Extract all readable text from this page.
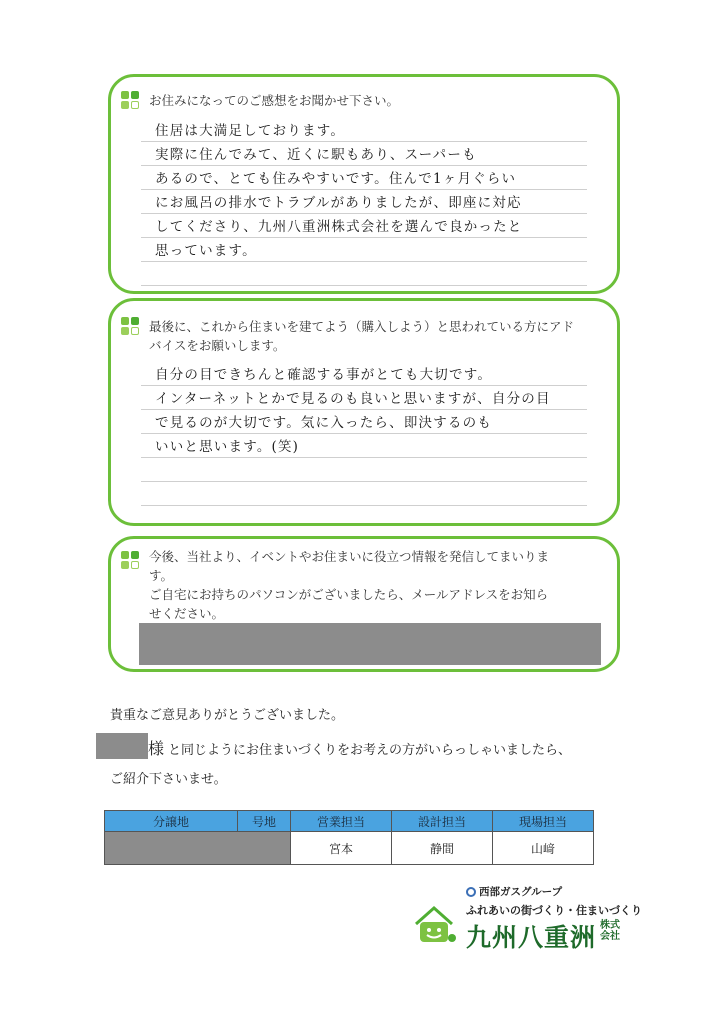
お住みになってのご感想をお聞かせ下さい。
住居は大満足しております。
実際に住んでみて、近くに駅もあり、スーパーも
あるので、とても住みやすいです。住んで1ヶ月ぐらい
にお風呂の排水でトラブルがありましたが、即座に対応
してくださり、九州八重洲株式会社を選んで良かったと
思っています。
最後に、これから住まいを建てよう（購入しよう）と思われている方にアド
バイスをお願いします。
自分の目できちんと確認する事がとても大切です。
インターネットとかで見るのも良いと思いますが、自分の目
で見るのが大切です。気に入ったら、即決するのも
いいと思います。(笑)
今後、当社より、イベントやお住まいに役立つ情報を発信してまいりま
す。
ご自宅にお持ちのパソコンがございましたら、メールアドレスをお知ら
せください。
貴重なご意見ありがとうございました。
様 と同じようにお住まいづくりをお考えの方がいらっしゃいましたら、
ご紹介下さいませ。
分譲地	号地	営業担当	設計担当	現場担当
		宮本	静間	山﨑
西部ガスグループ
ふれあいの街づくり・住まいづくり
九州八重洲 株式会社
